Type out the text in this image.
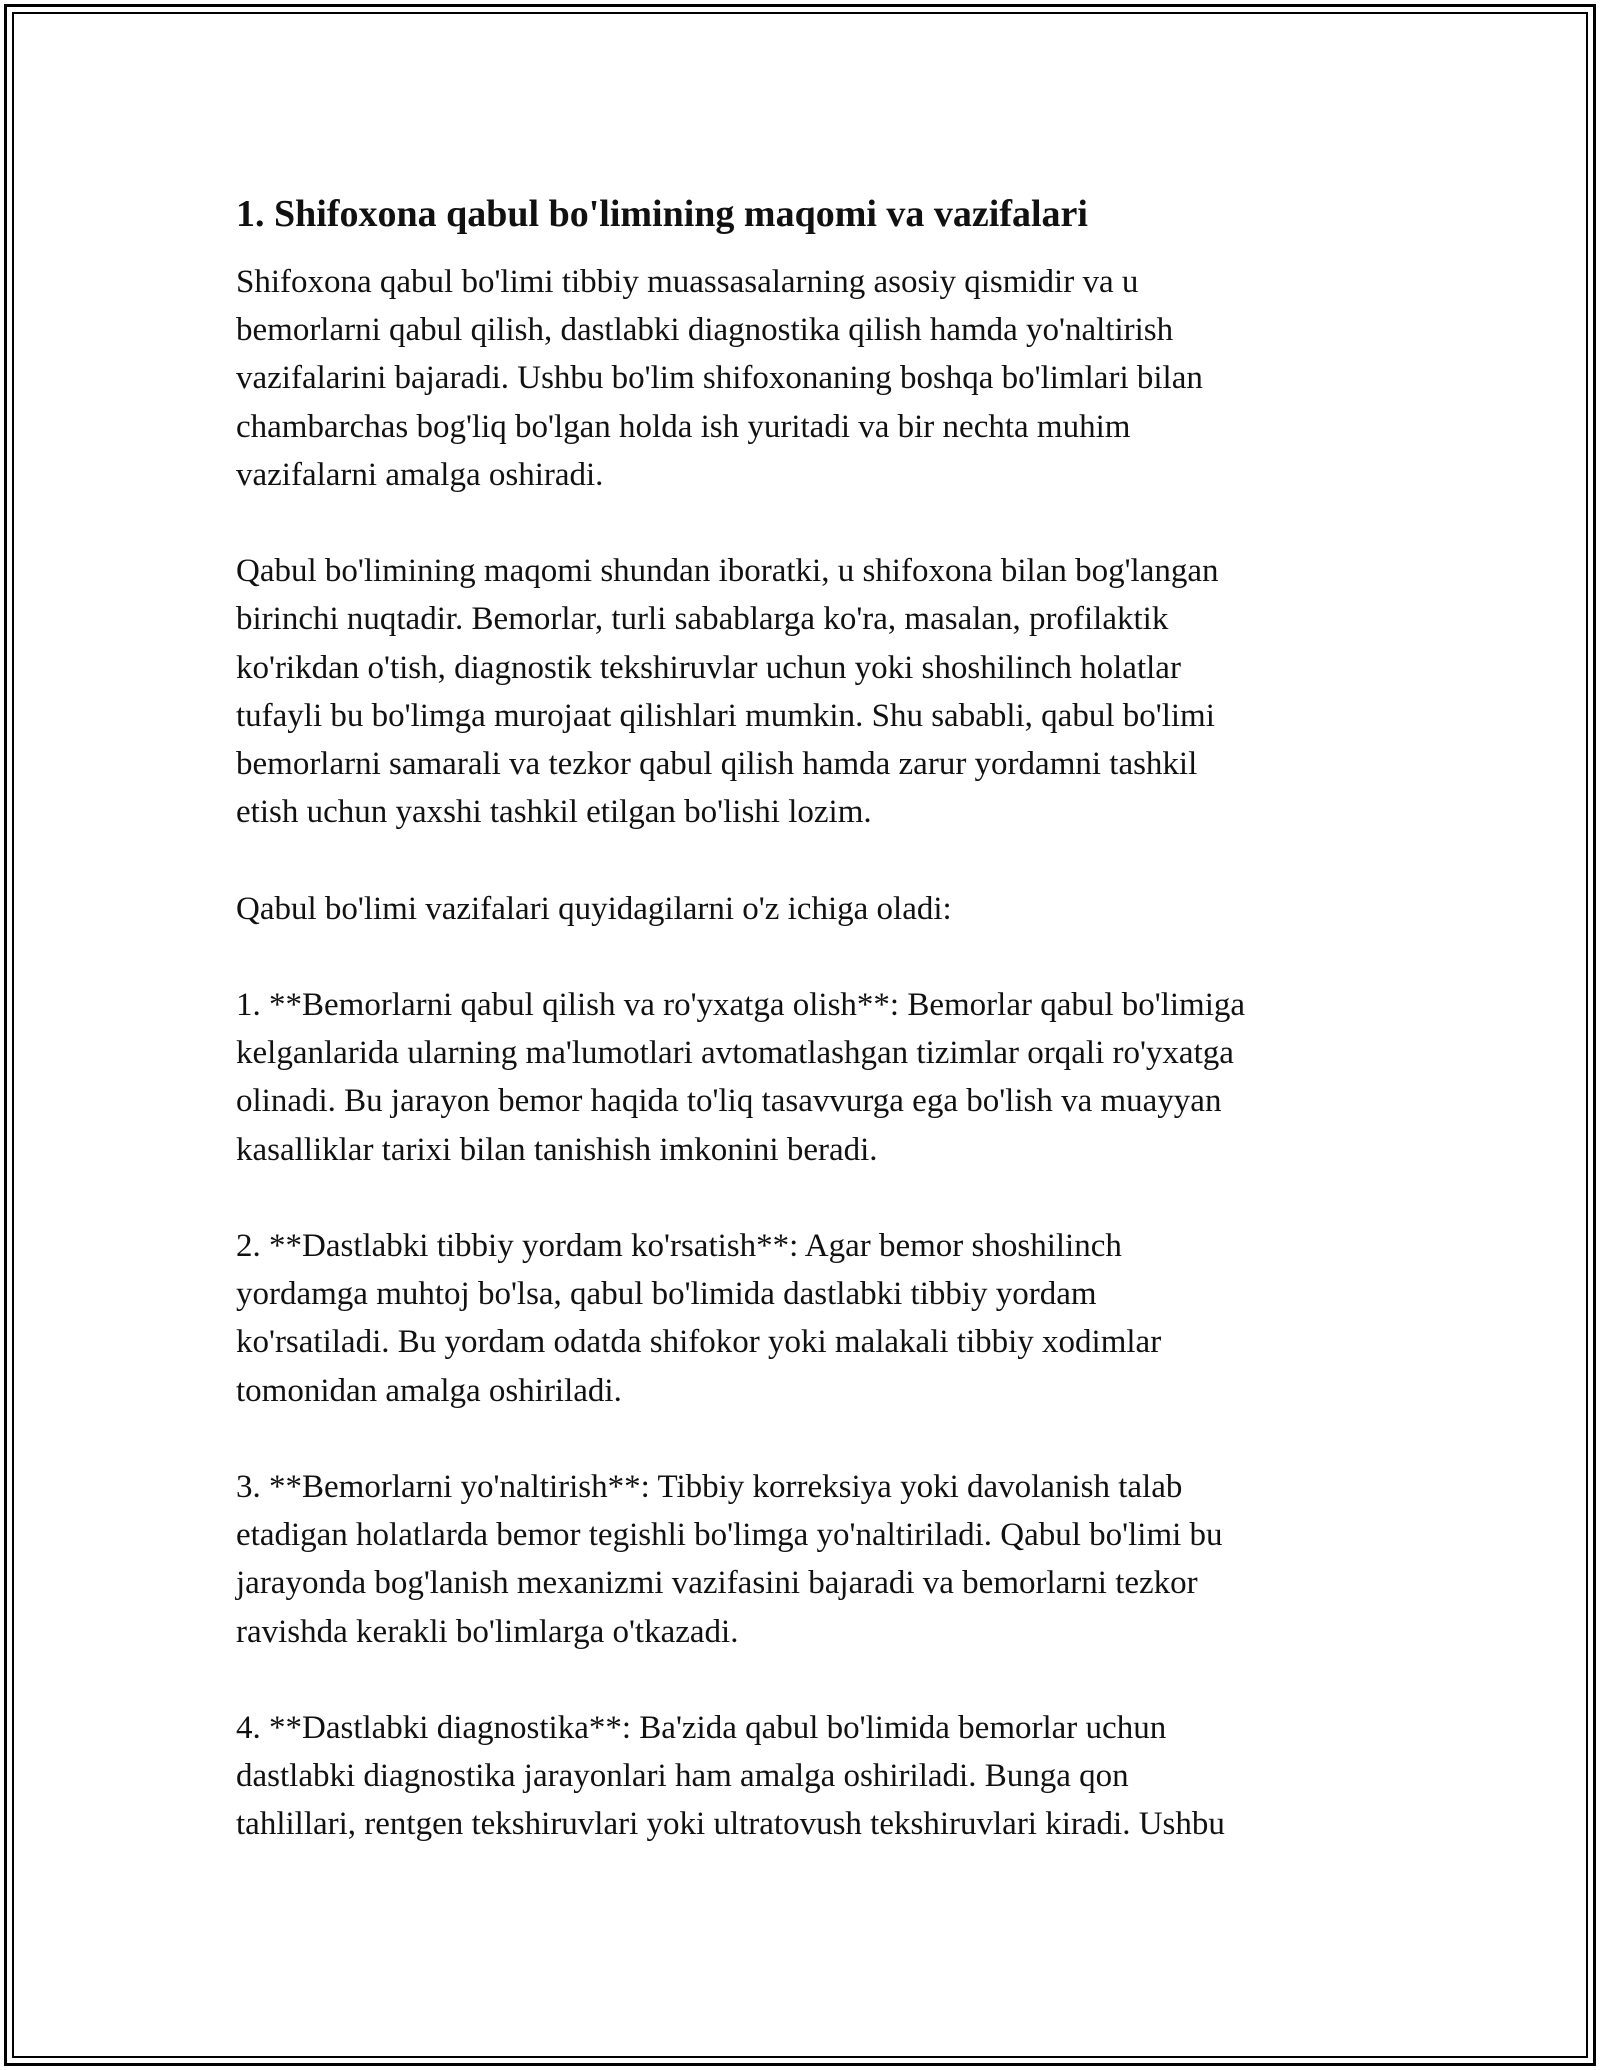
1. Shifoxona qabul bo'limining maqomi va vazifalari

Shifoxona qabul bo'limi tibbiy muassasalarning asosiy qismidir va u
bemorlarni qabul qilish, dastlabki diagnostika qilish hamda yo'naltirish
vazifalarini bajaradi. Ushbu bo'lim shifoxonaning boshqa bo'limlari bilan
chambarchas bog'liq bo'lgan holda ish yuritadi va bir nechta muhim
vazifalarni amalga oshiradi.

Qabul bo'limining maqomi shundan iboratki, u shifoxona bilan bog'langan
birinchi nuqtadir. Bemorlar, turli sabablarga ko'ra, masalan, profilaktik
ko'rikdan o'tish, diagnostik tekshiruvlar uchun yoki shoshilinch holatlar
tufayli bu bo'limga murojaat qilishlari mumkin. Shu sababli, qabul bo'limi
bemorlarni samarali va tezkor qabul qilish hamda zarur yordamni tashkil
etish uchun yaxshi tashkil etilgan bo'lishi lozim.

Qabul bo'limi vazifalari quyidagilarni o'z ichiga oladi:

1. **Bemorlarni qabul qilish va ro'yxatga olish**: Bemorlar qabul bo'limiga
kelganlarida ularning ma'lumotlari avtomatlashgan tizimlar orqali ro'yxatga
olinadi. Bu jarayon bemor haqida to'liq tasavvurga ega bo'lish va muayyan
kasalliklar tarixi bilan tanishish imkonini beradi.

2. **Dastlabki tibbiy yordam ko'rsatish**: Agar bemor shoshilinch
yordamga muhtoj bo'lsa, qabul bo'limida dastlabki tibbiy yordam
ko'rsatiladi. Bu yordam odatda shifokor yoki malakali tibbiy xodimlar
tomonidan amalga oshiriladi.

3. **Bemorlarni yo'naltirish**: Tibbiy korreksiya yoki davolanish talab
etadigan holatlarda bemor tegishli bo'limga yo'naltiriladi. Qabul bo'limi bu
jarayonda bog'lanish mexanizmi vazifasini bajaradi va bemorlarni tezkor
ravishda kerakli bo'limlarga o'tkazadi.

4. **Dastlabki diagnostika**: Ba'zida qabul bo'limida bemorlar uchun
dastlabki diagnostika jarayonlari ham amalga oshiriladi. Bunga qon
tahlillari, rentgen tekshiruvlari yoki ultratovush tekshiruvlari kiradi. Ushbu
